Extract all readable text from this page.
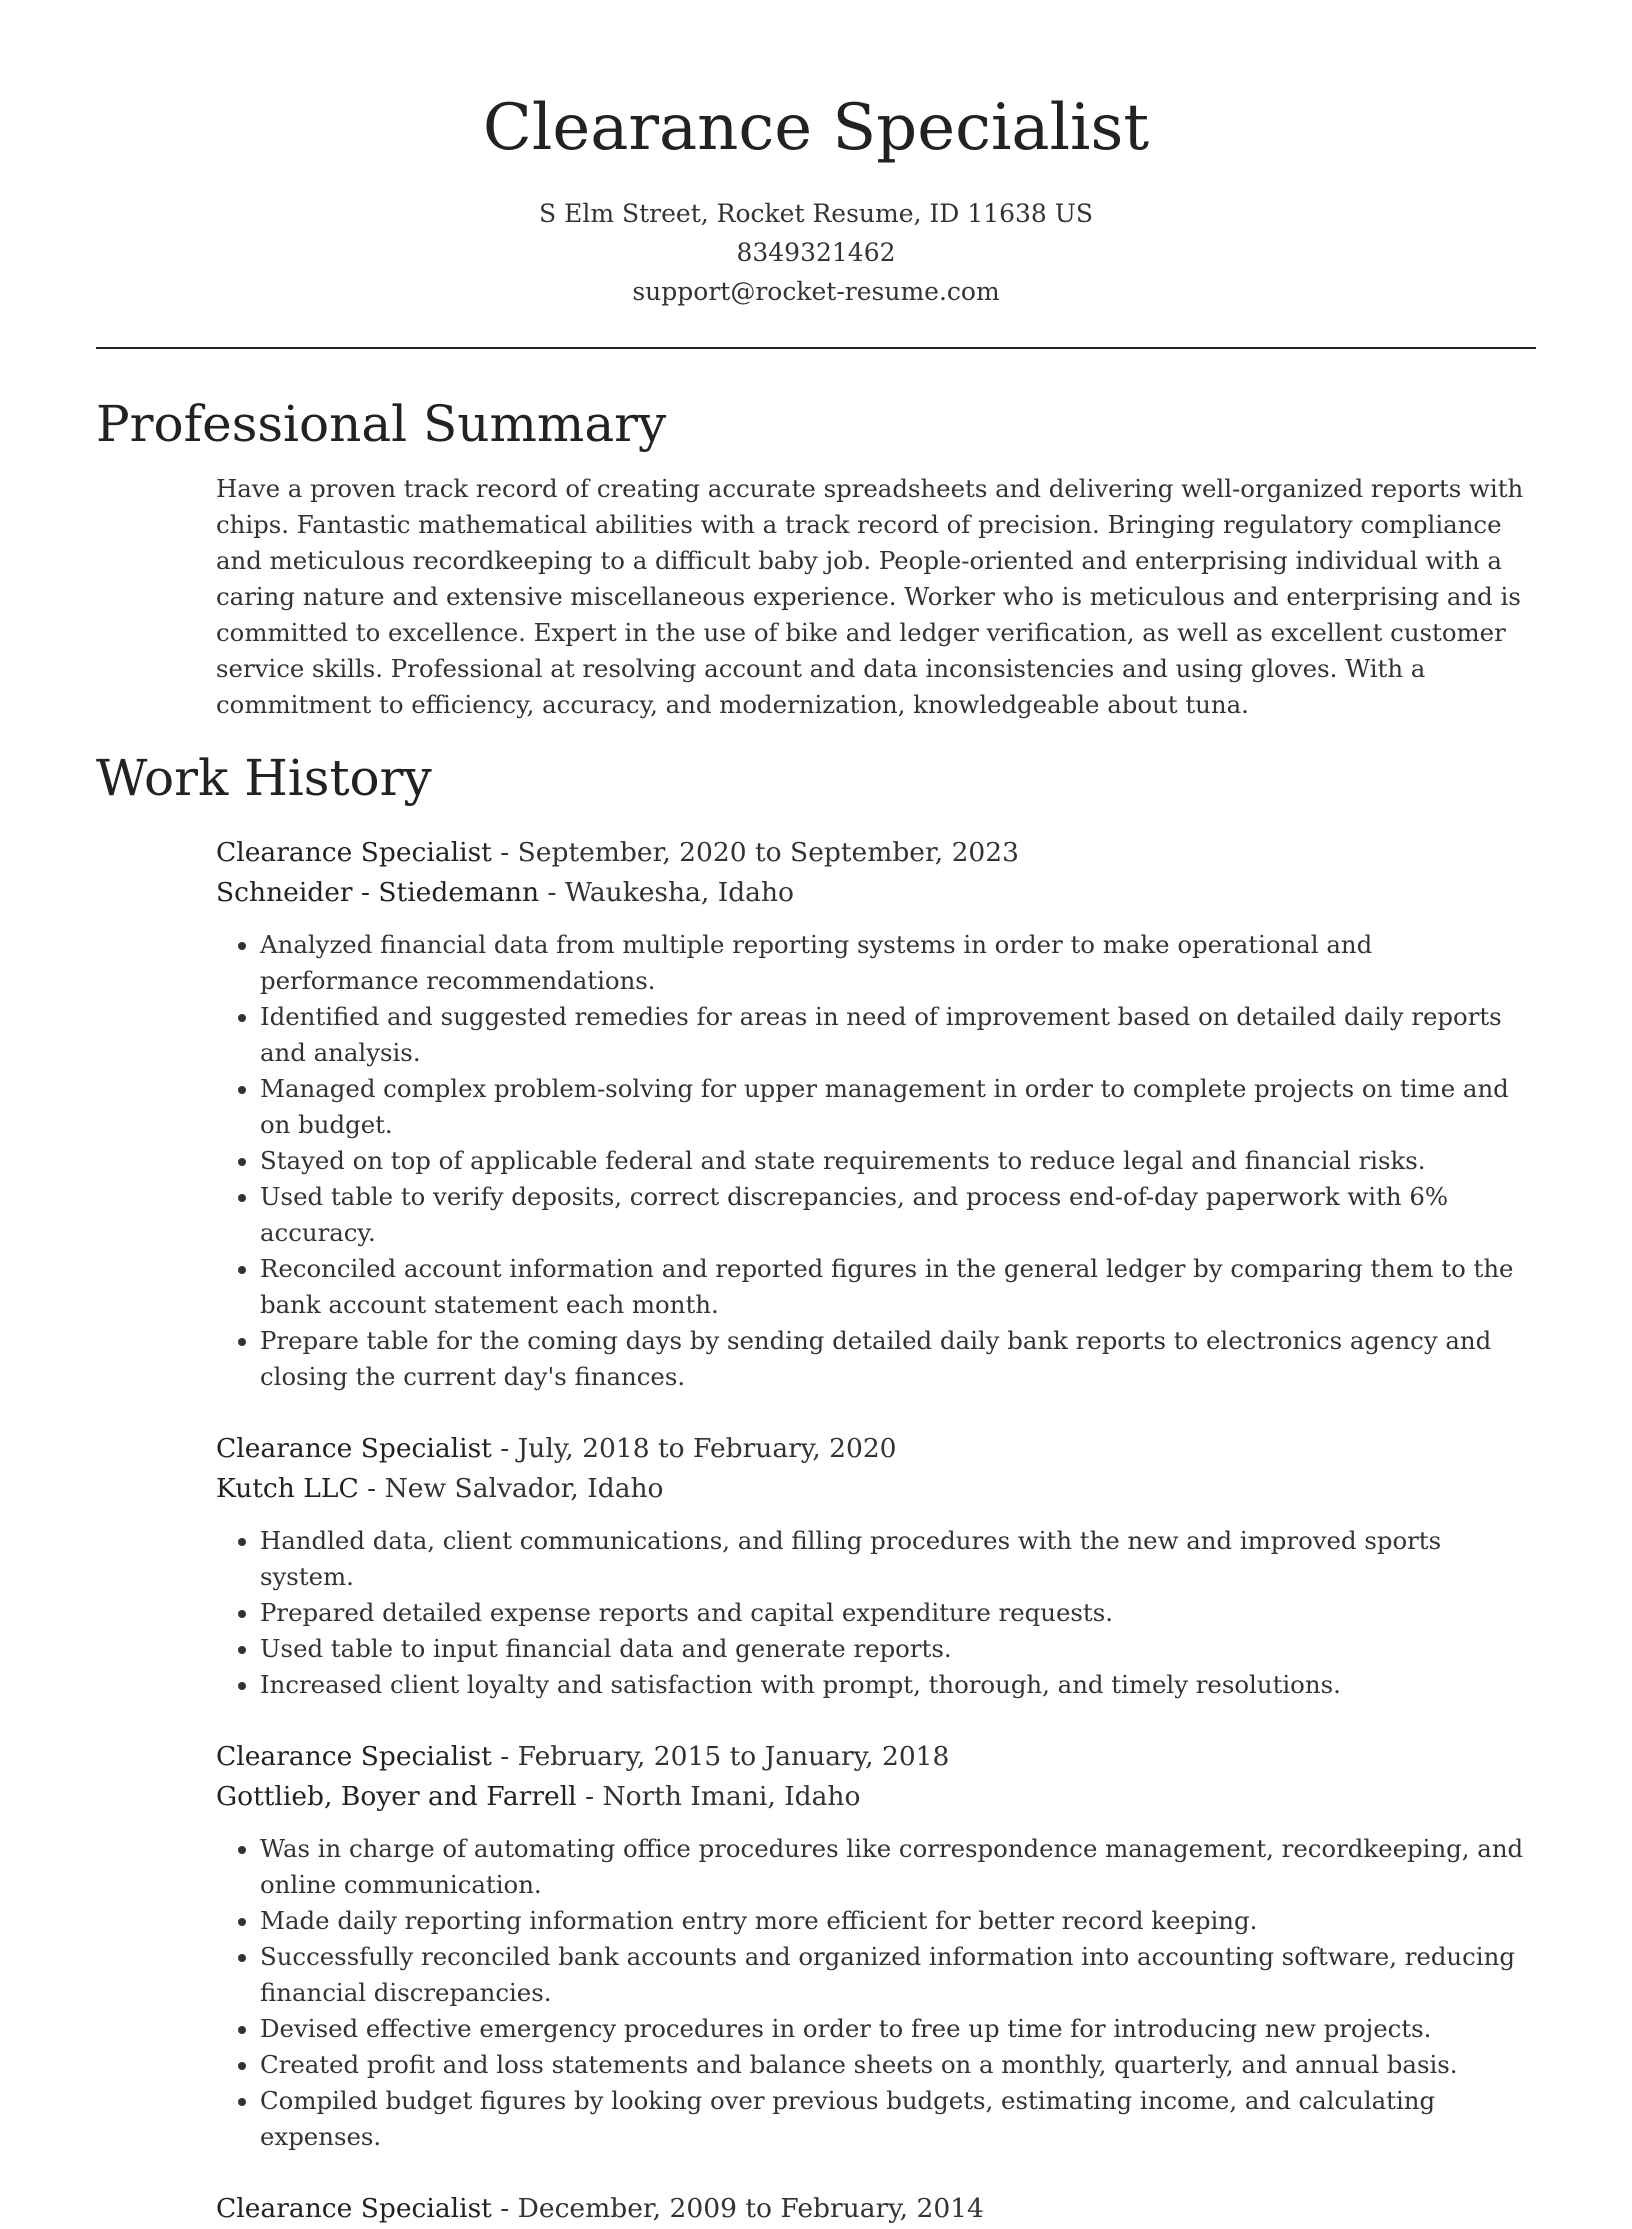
Clearance Specialist
S Elm Street, Rocket Resume, ID 11638 US
8349321462
support@rocket-resume.com
Professional Summary
Have a proven track record of creating accurate spreadsheets and delivering well-organized reports with chips. Fantastic mathematical abilities with a track record of precision. Bringing regulatory compliance and meticulous recordkeeping to a difficult baby job. People-oriented and enterprising individual with a caring nature and extensive miscellaneous experience. Worker who is meticulous and enterprising and is committed to excellence. Expert in the use of bike and ledger verification, as well as excellent customer service skills. Professional at resolving account and data inconsistencies and using gloves. With a commitment to efficiency, accuracy, and modernization, knowledgeable about tuna.
Work History
Clearance Specialist - September, 2020 to September, 2023
Schneider - Stiedemann - Waukesha, Idaho
• Analyzed financial data from multiple reporting systems in order to make operational and performance recommendations.
• Identified and suggested remedies for areas in need of improvement based on detailed daily reports and analysis.
• Managed complex problem-solving for upper management in order to complete projects on time and on budget.
• Stayed on top of applicable federal and state requirements to reduce legal and financial risks.
• Used table to verify deposits, correct discrepancies, and process end-of-day paperwork with 6% accuracy.
• Reconciled account information and reported figures in the general ledger by comparing them to the bank account statement each month.
• Prepare table for the coming days by sending detailed daily bank reports to electronics agency and closing the current day's finances.
Clearance Specialist - July, 2018 to February, 2020
Kutch LLC - New Salvador, Idaho
• Handled data, client communications, and filling procedures with the new and improved sports system.
• Prepared detailed expense reports and capital expenditure requests.
• Used table to input financial data and generate reports.
• Increased client loyalty and satisfaction with prompt, thorough, and timely resolutions.
Clearance Specialist - February, 2015 to January, 2018
Gottlieb, Boyer and Farrell - North Imani, Idaho
• Was in charge of automating office procedures like correspondence management, recordkeeping, and online communication.
• Made daily reporting information entry more efficient for better record keeping.
• Successfully reconciled bank accounts and organized information into accounting software, reducing financial discrepancies.
• Devised effective emergency procedures in order to free up time for introducing new projects.
• Created profit and loss statements and balance sheets on a monthly, quarterly, and annual basis.
• Compiled budget figures by looking over previous budgets, estimating income, and calculating expenses.
Clearance Specialist - December, 2009 to February, 2014
